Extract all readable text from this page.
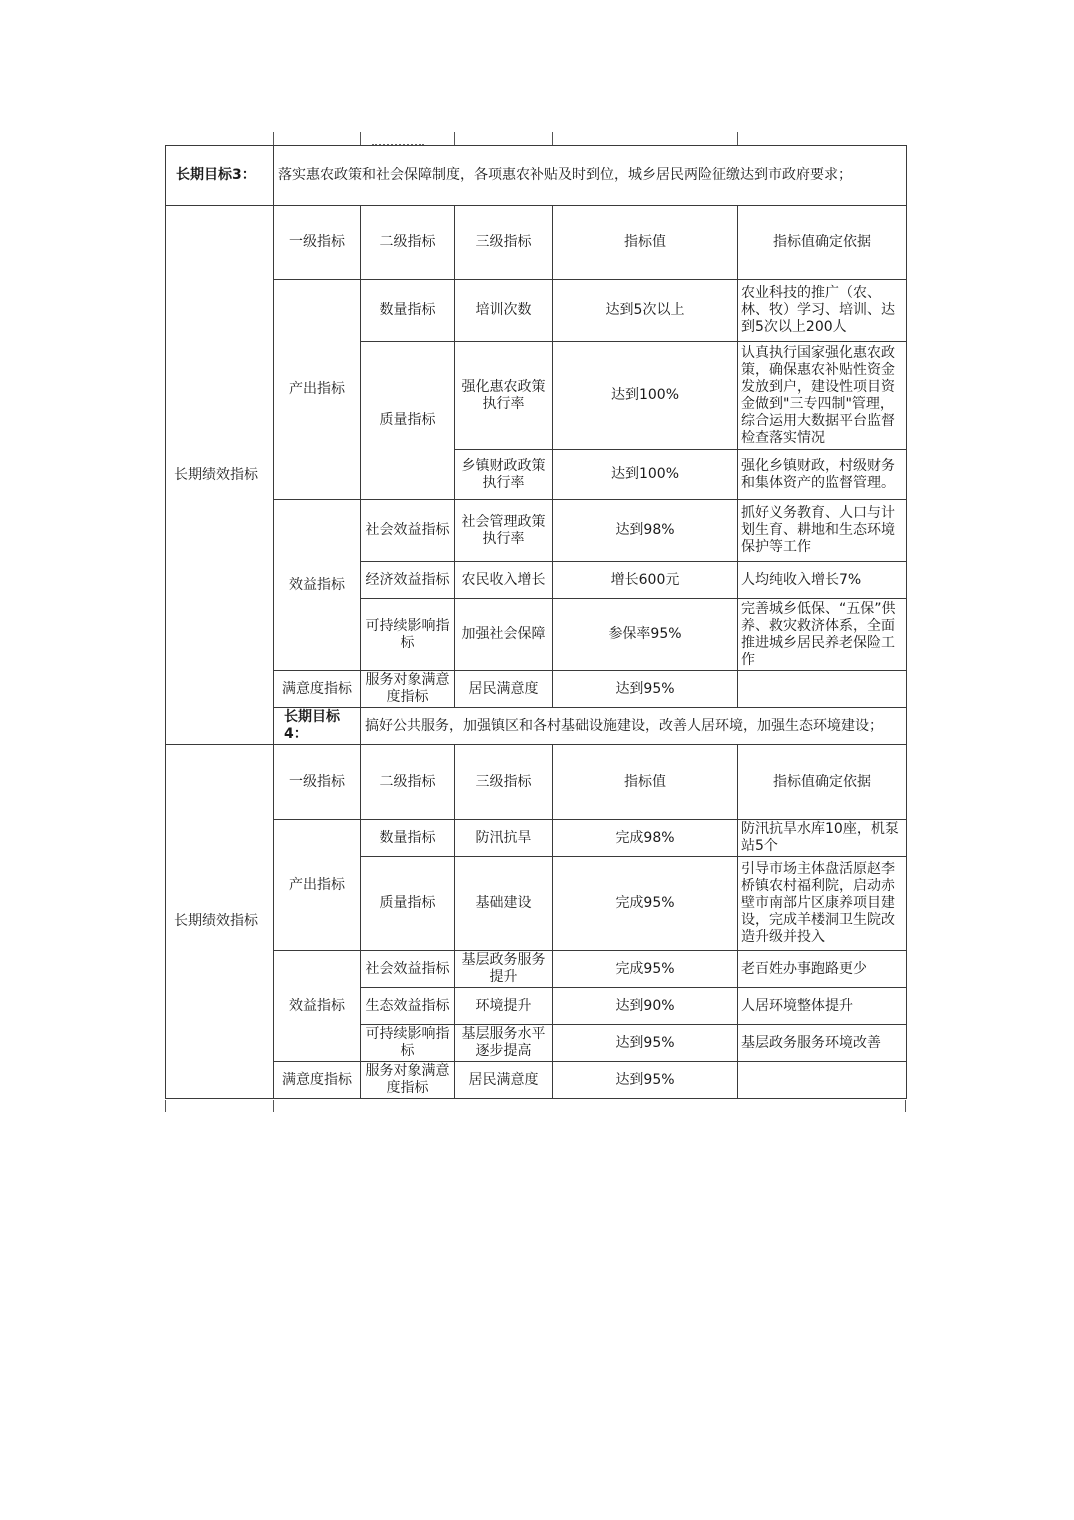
长期目标3：	落实惠农政策和社会保障制度，各项惠农补贴及时到位，城乡居民两险征缴达到市政府要求；				
长期绩效指标	一级指标	二级指标	三级指标	指标值	指标值确定依据
	产出指标	数量指标	培训次数	达到5次以上	农业科技的推广（农、林、牧）学习、培训、达到5次以上200人
		质量指标	强化惠农政策执行率	达到100%	认真执行国家强化惠农政策，确保惠农补贴性资金发放到户，建设性项目资金做到"三专四制"管理，综合运用大数据平台监督检查落实情况
			乡镇财政政策执行率	达到100%	强化乡镇财政，村级财务和集体资产的监督管理。
	效益指标	社会效益指标	社会管理政策执行率	达到98%	抓好义务教育、人口与计划生育、耕地和生态环境保护等工作
		经济效益指标	农民收入增长	增长600元	人均纯收入增长7%
		可持续影响指标	加强社会保障	参保率95%	完善城乡低保、“五保”供养、救灾救济体系，全面推进城乡居民养老保险工作
	满意度指标	服务对象满意度指标	居民满意度	达到95%	
	长期目标4：	搞好公共服务，加强镇区和各村基础设施建设，改善人居环境，加强生态环境建设；			
长期绩效指标	一级指标	二级指标	三级指标	指标值	指标值确定依据
	产出指标	数量指标	防汛抗旱	完成98%	防汛抗旱水库10座，机泵站5个
		质量指标	基础建设	完成95%	引导市场主体盘活原赵李桥镇农村福利院，启动赤壁市南部片区康养项目建设，完成羊楼洞卫生院改造升级并投入
	效益指标	社会效益指标	基层政务服务提升	完成95%	老百姓办事跑路更少
		生态效益指标	环境提升	达到90%	人居环境整体提升
		可持续影响指标	基层服务水平逐步提高	达到95%	基层政务服务环境改善
	满意度指标	服务对象满意度指标	居民满意度	达到95%	
